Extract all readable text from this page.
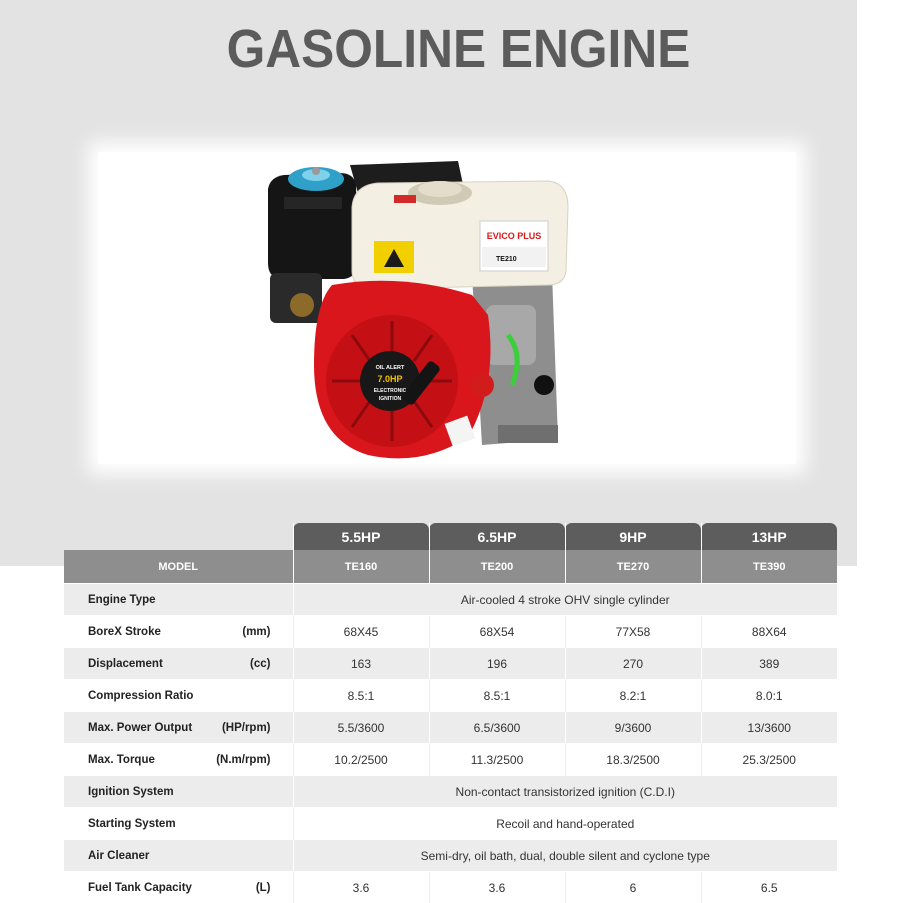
GASOLINE ENGINE
EVICO PLUS
TE210
OIL ALERT
7.0HP
ELECTRONIC
IGNITION
	5.5HP	6.5HP	9HP	13HP
MODEL	TE160	TE200	TE270	TE390

Engine Type	Air-cooled 4 stroke OHV single cylinder			

BoreX Stroke (mm)	68X45	68X54	77X58	88X64

Displacement (cc)	163	196	270	389

Compression Ratio	8.5:1	8.5:1	8.2:1	8.0:1

Max. Power Output (HP/rpm)	5.5/3600	6.5/3600	9/3600	13/3600

Max. Torque (N.m/rpm)	10.2/2500	11.3/2500	18.3/2500	25.3/2500

Ignition System	Non-contact transistorized ignition (C.D.I)			

Starting System	Recoil and hand-operated			

Air Cleaner	Semi-dry, oil bath, dual, double silent and cyclone type			

Fuel Tank Capacity (L)	3.6	3.6	6	6.5
